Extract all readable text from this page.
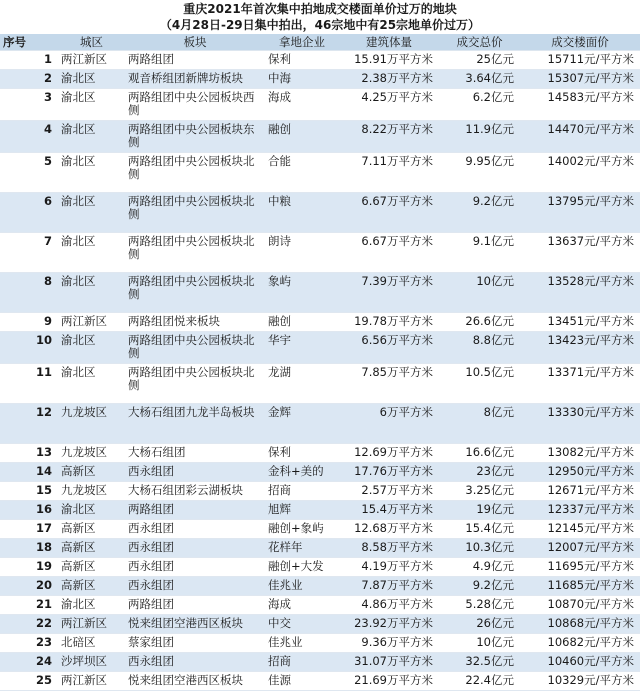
重庆2021年首次集中拍地成交楼面单价过万的地块
（4月28日-29日集中拍出，46宗地中有25宗地单价过万）
序号	城区	板块	拿地企业	建筑体量	成交总价	成交楼面价
1	两江新区	两路组团	保利	15.91万平方米	25亿元	15711元/平方米
2	渝北区	观音桥组团新牌坊板块	中海	2.38万平方米	3.64亿元	15307元/平方米
3	渝北区	两路组团中央公园板块西侧	海成	4.25万平方米	6.2亿元	14583元/平方米
4	渝北区	两路组团中央公园板块东侧	融创	8.22万平方米	11.9亿元	14470元/平方米
5	渝北区	两路组团中央公园板块北侧	合能	7.11万平方米	9.95亿元	14002元/平方米
6	渝北区	两路组团中央公园板块北侧	中粮	6.67万平方米	9.2亿元	13795元/平方米
7	渝北区	两路组团中央公园板块北侧	朗诗	6.67万平方米	9.1亿元	13637元/平方米
8	渝北区	两路组团中央公园板块北侧	象屿	7.39万平方米	10亿元	13528元/平方米
9	两江新区	两路组团悦来板块	融创	19.78万平方米	26.6亿元	13451元/平方米
10	渝北区	两路组团中央公园板块北侧	华宇	6.56万平方米	8.8亿元	13423元/平方米
11	渝北区	两路组团中央公园板块北侧	龙湖	7.85万平方米	10.5亿元	13371元/平方米
12	九龙坡区	大杨石组团九龙半岛板块	金辉	6万平方米	8亿元	13330元/平方米
13	九龙坡区	大杨石组团	保利	12.69万平方米	16.6亿元	13082元/平方米
14	高新区	西永组团	金科+美的	17.76万平方米	23亿元	12950元/平方米
15	九龙坡区	大杨石组团彩云湖板块	招商	2.57万平方米	3.25亿元	12671元/平方米
16	渝北区	两路组团	旭辉	15.4万平方米	19亿元	12337元/平方米
17	高新区	西永组团	融创+象屿	12.68万平方米	15.4亿元	12145元/平方米
18	高新区	西永组团	花样年	8.58万平方米	10.3亿元	12007元/平方米
19	高新区	西永组团	融创+大发	4.19万平方米	4.9亿元	11695元/平方米
20	高新区	西永组团	佳兆业	7.87万平方米	9.2亿元	11685元/平方米
21	渝北区	两路组团	海成	4.86万平方米	5.28亿元	10870元/平方米
22	两江新区	悦来组团空港西区板块	中交	23.92万平方米	26亿元	10868元/平方米
23	北碚区	蔡家组团	佳兆业	9.36万平方米	10亿元	10682元/平方米
24	沙坪坝区	西永组团	招商	31.07万平方米	32.5亿元	10460元/平方米
25	两江新区	悦来组团空港西区板块	佳源	21.69万平方米	22.4亿元	10329元/平方米
